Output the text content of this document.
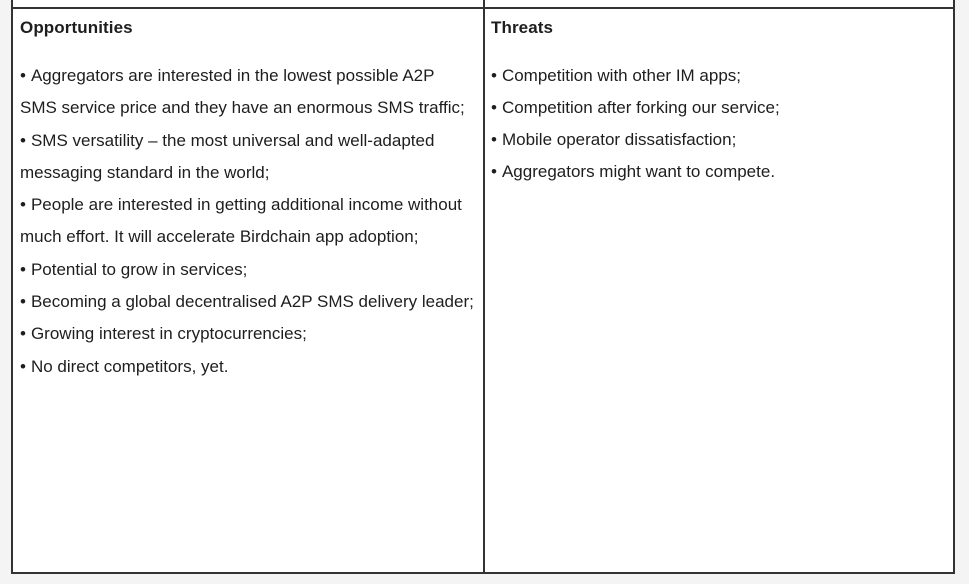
Opportunities
• Aggregators are interested in the lowest possible A2P SMS service price and they have an enormous SMS traffic;
• SMS versatility – the most universal and well-adapted messaging standard in the world;
• People are interested in getting additional income without much effort. It will accelerate Birdchain app adoption;
• Potential to grow in services;
• Becoming a global decentralised A2P SMS delivery leader;
• Growing interest in cryptocurrencies;
• No direct competitors, yet.
Threats
• Competition with other IM apps;
• Competition after forking our service;
• Mobile operator dissatisfaction;
• Aggregators might want to compete.
